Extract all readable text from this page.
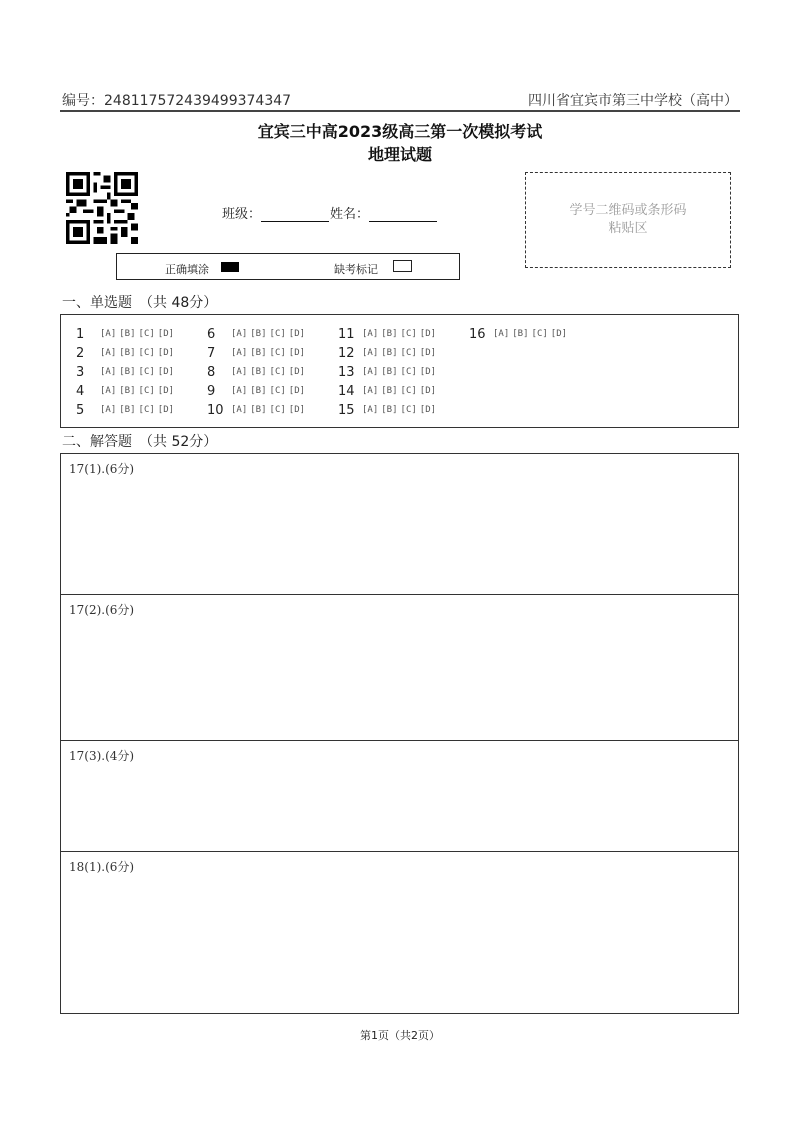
编号：24811757243949937434​7	四川省宜宾市第三中学校（高中）
宜宾三中高2023级高三第一次模拟考试
地理试题
班级：	姓名：	学号二维码或条形码
粘贴区
正确填涂	缺考标记
一、单选题　（共 48分）
1 [A] [B] [C] [D]
2 [A] [B] [C] [D]
3 [A] [B] [C] [D]
4 [A] [B] [C] [D]
5 [A] [B] [C] [D]
6 [A] [B] [C] [D]
7 [A] [B] [C] [D]
8 [A] [B] [C] [D]
9 [A] [B] [C] [D]
10 [A] [B] [C] [D]
11 [A] [B] [C] [D]
12 [A] [B] [C] [D]
13 [A] [B] [C] [D]
14 [A] [B] [C] [D]
15 [A] [B] [C] [D]
16 [A] [B] [C] [D]
二、解答题　（共 52分）
17(1).(6分)
17(2).(6分)
17(3).(4分)
18(1).(6分)
第1页（共2页）
